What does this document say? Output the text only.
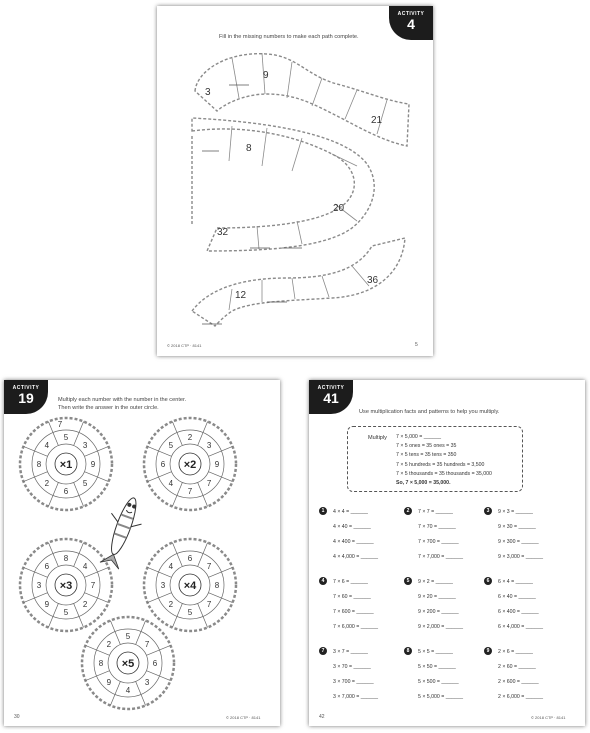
ACTIVITY
4
Fill in the missing numbers to make each path complete.
3
9
21
8
20
32
12
36
© 2018 CTP · 8141	5
ACTIVITY
19	Multiply each number with the number in the center.
Then write the answer in the outer circle.
×1
5
3
9
5
6
2
8
4
7
×2
2
3
9
7
7
4
6
5
×3
8
4
7
2
5
9
3
6
×4
6
7
8
7
5
2
3
4
×5
5
7
6
3
4
9
8
2
30	© 2018 CTP · 8141
ACTIVITY
41
Use multiplication facts and patterns to help you multiply.
Multiply 7 × 5,000 = ______
7 × 5 ones = 35 ones = 35
7 × 5 tens = 35 tens = 350
7 × 5 hundreds = 35 hundreds = 3,500
7 × 5 thousands = 35 thousands = 35,000
So, 7 × 5,000 = 35,000.
1	4 × 4 = ______
4 × 40 = ______
4 × 400 = ______
4 × 4,000 = ______
2	7 × 7 = ______
7 × 70 = ______
7 × 700 = ______
7 × 7,000 = ______
3	9 × 3 = ______
9 × 30 = ______
9 × 300 = ______
9 × 3,000 = ______
4	7 × 6 = ______
7 × 60 = ______
7 × 600 = ______
7 × 6,000 = ______
5	9 × 2 = ______
9 × 20 = ______
9 × 200 = ______
9 × 2,000 = ______
6	6 × 4 = ______
6 × 40 = ______
6 × 400 = ______
6 × 4,000 = ______
7	3 × 7 = ______
3 × 70 = ______
3 × 700 = ______
3 × 7,000 = ______
8	5 × 5 = ______
5 × 50 = ______
5 × 500 = ______
5 × 5,000 = ______
9	2 × 6 = ______
2 × 60 = ______
2 × 600 = ______
2 × 6,000 = ______
42	© 2018 CTP · 8141
